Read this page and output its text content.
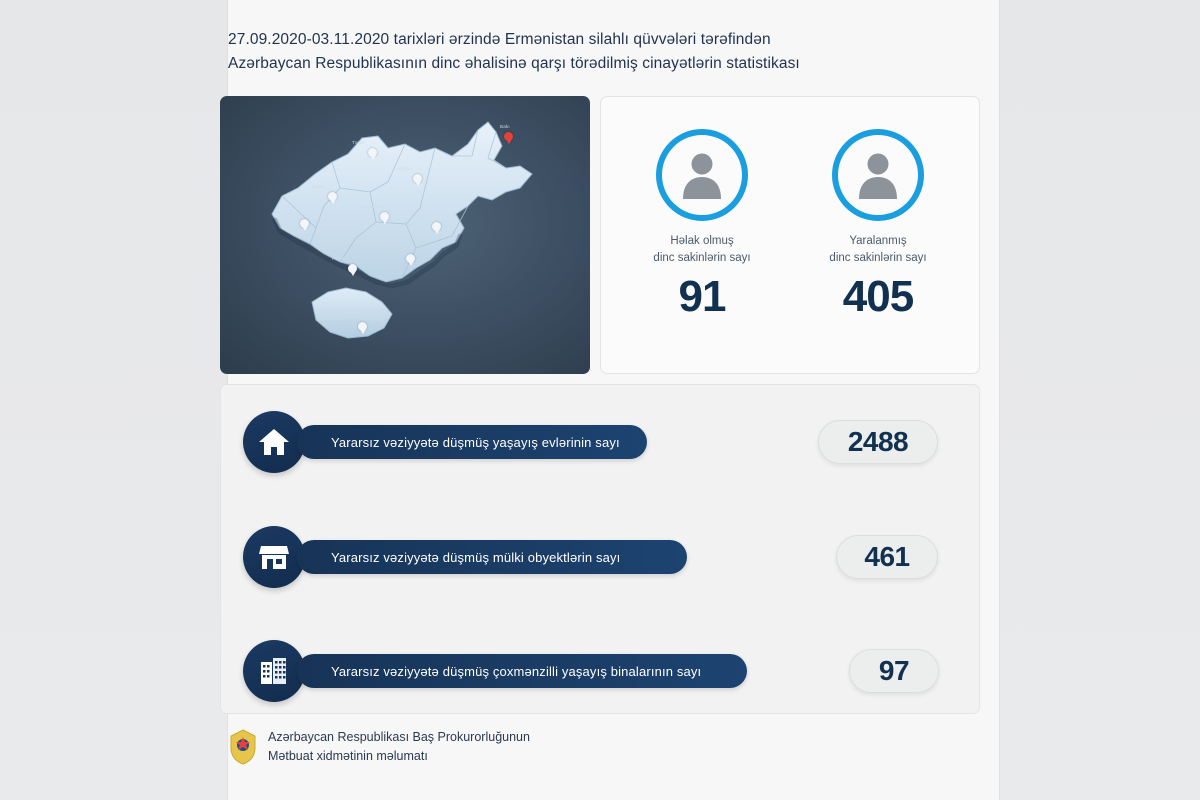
27.09.2020-03.11.2020 tarixləri ərzində Ermənistan silahlı qüvvələri tərəfindən
Azərbaycan Respublikasının dinc əhalisinə qarşı törədilmiş cinayətlərin statistikası
Tərtər
Ağdam
Bərdə
Gəncə
Goranboy
Naftalan
Bakı
Beyləqan
Füzuli
Ordubad
Həlak olmuş
dinc sakinlərin sayı
91
Yaralanmış
dinc sakinlərin sayı
405
Yararsız vəziyyətə düşmüş yaşayış evlərinin sayı	2488
Yararsız vəziyyətə düşmüş mülki obyektlərin sayı	461
Yararsız vəziyyətə düşmüş çoxmənzilli yaşayış binalarının sayı	97
Azərbaycan Respublikası Baş Prokurorluğunun
Mətbuat xidmətinin məlumatı
